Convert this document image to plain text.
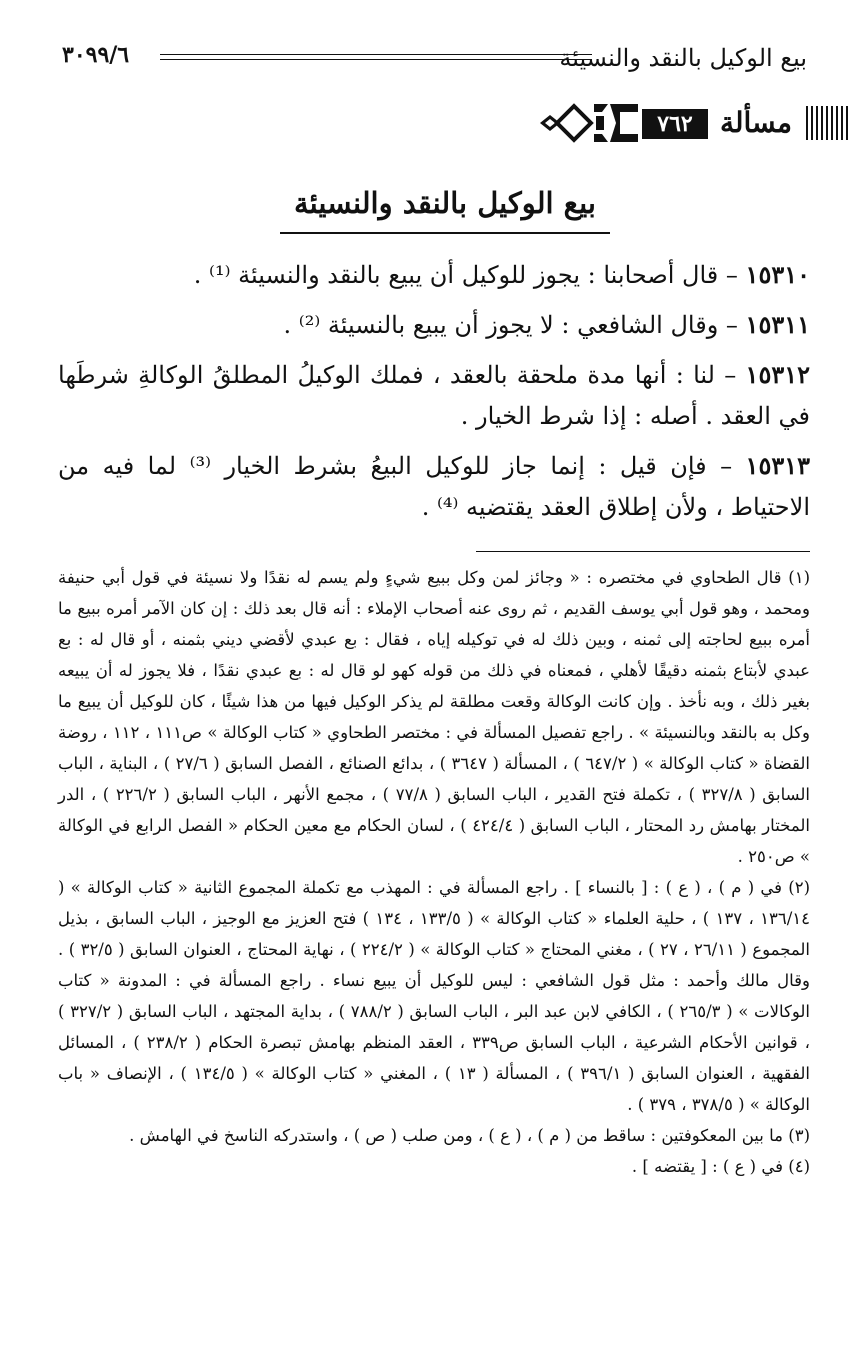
بيع الوكيل بالنقد والنسيئة
٣٠٩٩/٦
مسألة
٧٦٢
بيع الوكيل بالنقد والنسيئة

١٥٣١٠ – قال أصحابنا : يجوز للوكيل أن يبيع بالنقد والنسيئة ⁽¹⁾ .

١٥٣١١ – وقال الشافعي : لا يجوز أن يبيع بالنسيئة ⁽²⁾ .

١٥٣١٢ – لنا : أنها مدة ملحقة بالعقد ، فملك الوكيلُ المطلقُ الوكالةِ شرطَها في العقد . أصله : إذا شرط الخيار .

١٥٣١٣ – فإن قيل : إنما جاز للوكيل البيعُ بشرط الخيار ⁽³⁾ لما فيه من الاحتياط ، ولأن إطلاق العقد يقتضيه ⁽⁴⁾ .

(١) قال الطحاوي في مختصره : « وجائز لمن وكل ببيع شيءٍ ولم يسم له نقدًا ولا نسيئة في قول أبي حنيفة ومحمد ، وهو قول أبي يوسف القديم ، ثم روى عنه أصحاب الإملاء : أنه قال بعد ذلك : إن كان الآمر أمره ببيع ما أمره ببيع لحاجته إلى ثمنه ، وبين ذلك له في توكيله إياه ، فقال : بع عبدي لأقضي ديني بثمنه ، أو قال له : بع عبدي لأبتاع بثمنه دقيقًا لأهلي ، فمعناه في ذلك من قوله كهو لو قال له : بع عبدي نقدًا ، فلا يجوز له أن يبيعه بغير ذلك ، وبه نأخذ . وإن كانت الوكالة وقعت مطلقة لم يذكر الوكيل فيها من هذا شيئًا ، كان للوكيل أن يبيع ما وكل به بالنقد وبالنسيئة » . راجع تفصيل المسألة في : مختصر الطحاوي « كتاب الوكالة » ص١١١ ، ١١٢ ، روضة القضاة « كتاب الوكالة » ( ٦٤٧/٢ ) ، المسألة ( ٣٦٤٧ ) ، بدائع الصنائع ، الفصل السابق ( ٢٧/٦ ) ، البناية ، الباب السابق ( ٣٢٧/٨ ) ، تكملة فتح القدير ، الباب السابق ( ٧٧/٨ ) ، مجمع الأنهر ، الباب السابق ( ٢٢٦/٢ ) ، الدر المختار بهامش رد المحتار ، الباب السابق ( ٤٢٤/٤ ) ، لسان الحكام مع معين الحكام « الفصل الرابع في الوكالة » ص٢٥٠ .

(٢) في ( م ) ، ( ع ) : [ بالنساء ] . راجع المسألة في : المهذب مع تكملة المجموع الثانية « كتاب الوكالة » ( ١٣٦/١٤ ، ١٣٧ ) ، حلية العلماء « كتاب الوكالة » ( ١٣٣/٥ ، ١٣٤ ) فتح العزيز مع الوجيز ، الباب السابق ، بذيل المجموع ( ٢٦/١١ ، ٢٧ ) ، مغني المحتاج « كتاب الوكالة » ( ٢٢٤/٢ ) ، نهاية المحتاج ، العنوان السابق ( ٣٢/٥ ) . وقال مالك وأحمد : مثل قول الشافعي : ليس للوكيل أن يبيع نساء . راجع المسألة في : المدونة « كتاب الوكالات » ( ٢٦٥/٣ ) ، الكافي لابن عبد البر ، الباب السابق ( ٧٨٨/٢ ) ، بداية المجتهد ، الباب السابق ( ٣٢٧/٢ ) ، قوانين الأحكام الشرعية ، الباب السابق ص٣٣٩ ، العقد المنظم بهامش تبصرة الحكام ( ٢٣٨/٢ ) ، المسائل الفقهية ، العنوان السابق ( ٣٩٦/١ ) ، المسألة ( ١٣ ) ، المغني « كتاب الوكالة » ( ١٣٤/٥ ) ، الإنصاف « باب الوكالة » ( ٣٧٨/٥ ، ٣٧٩ ) .

(٣) ما بين المعكوفتين : ساقط من ( م ) ، ( ع ) ، ومن صلب ( ص ) ، واستدركه الناسخ في الهامش .

(٤) في ( ع ) : [ يقتضه ] .
